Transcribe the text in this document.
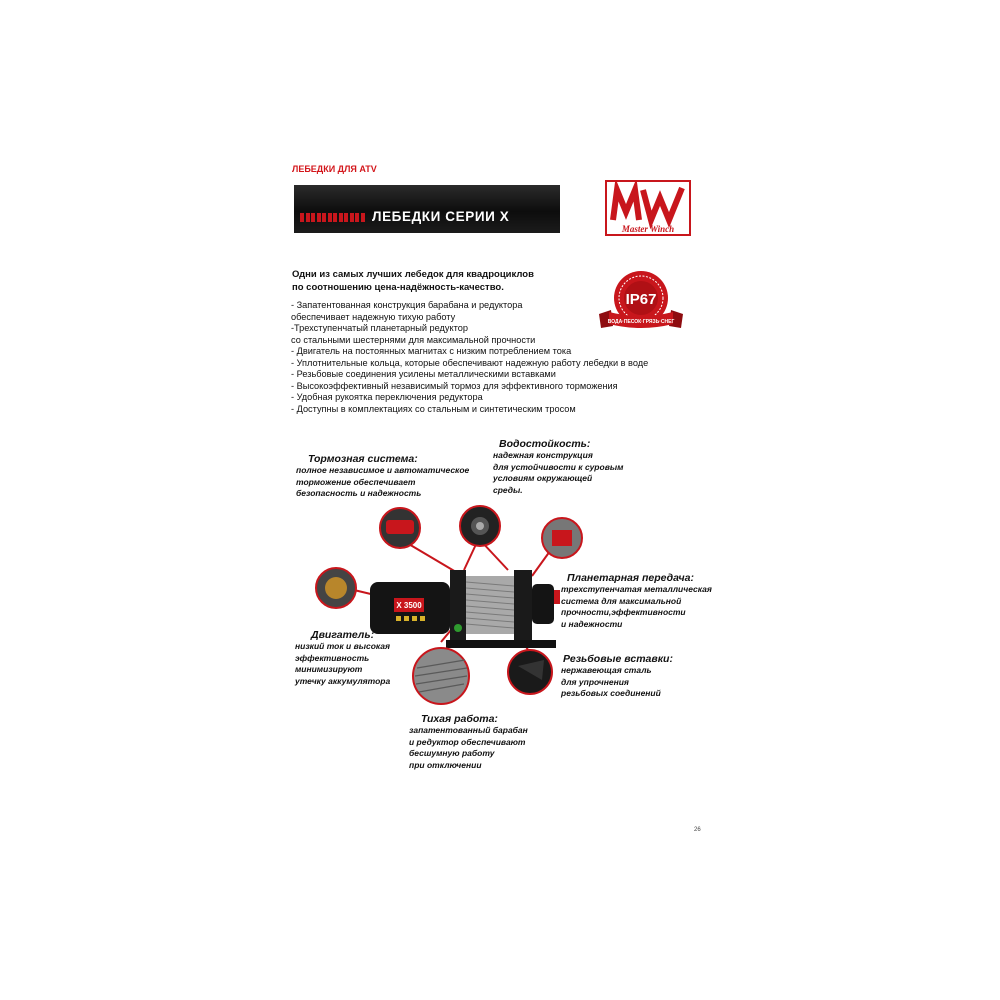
ЛЕБЕДКИ ДЛЯ ATV
ЛЕБЕДКИ СЕРИИ Х
Master Winch
Одни из самых лучших лебедок для квадроциклов
по соотношению цена-надёжность-качество.
- Запатентованная конструкция барабана и редуктора
обеспечивает надежную тихую работу
-Трехступенчатый планетарный редуктор
со стальными шестернями для максимальной прочности
- Двигатель на постоянных магнитах с низким потреблением тока
- Уплотнительные кольца, которые обеспечивают надежную работу лебедки в воде
- Резьбовые соединения усилены металлическими вставками
- Высокоэффективный независимый тормоз для эффективного торможения
- Удобная рукоятка переключения редуктора
- Доступны в комплектациях со стальным и синтетическим тросом
IP67
ВОДА·ПЕСОК·ГРЯЗЬ·СНЕГ
X 3500
Тормозная система:
полное независимое и автоматическое
торможение обеспечивает
безопасность и надежность
Водостойкость:
надежная конструкция
для устойчивости к суровым
условиям окружающей
среды.
Планетарная передача:
трехступенчатая металлическая
система для максимальной
прочности,эффективности
и надежности
Двигатель:
низкий ток и высокая
эффективность
минимизируют
утечку аккумулятора
Резьбовые вставки:
нержавеющая сталь
для упрочнения
резьбовых соединений
Тихая работа:
запатентованный барабан
и редуктор обеспечивают
бесшумную работу
при отключении
26
